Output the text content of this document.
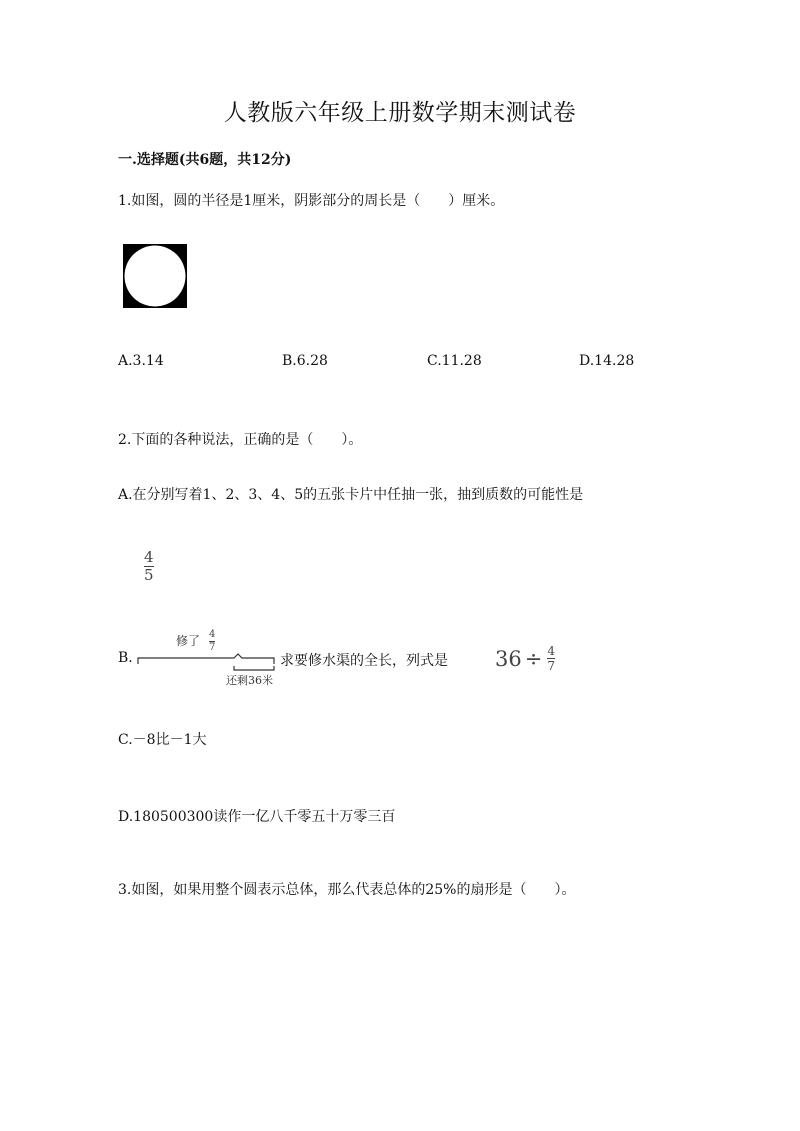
人教版六年级上册数学期末测试卷
一.选择题(共6题，共12分)
1.如图，圆的半径是1厘米，阴影部分的周长是（　　）厘米。
A.3.14	B.6.28	C.11.28	D.14.28
2.下面的各种说法，正确的是（　　）。
A.在分别写着1、2、3、4、5的五张卡片中任抽一张，抽到质数的可能性是
4
5
B.
修了 4
7
还剩36米
求要修水渠的全长，列式是 $36 \div \frac{4}{7}$
C.－8比－1大
D.180500300读作一亿八千零五十万零三百
3.如图，如果用整个圆表示总体，那么代表总体的25%的扇形是（　　）。
